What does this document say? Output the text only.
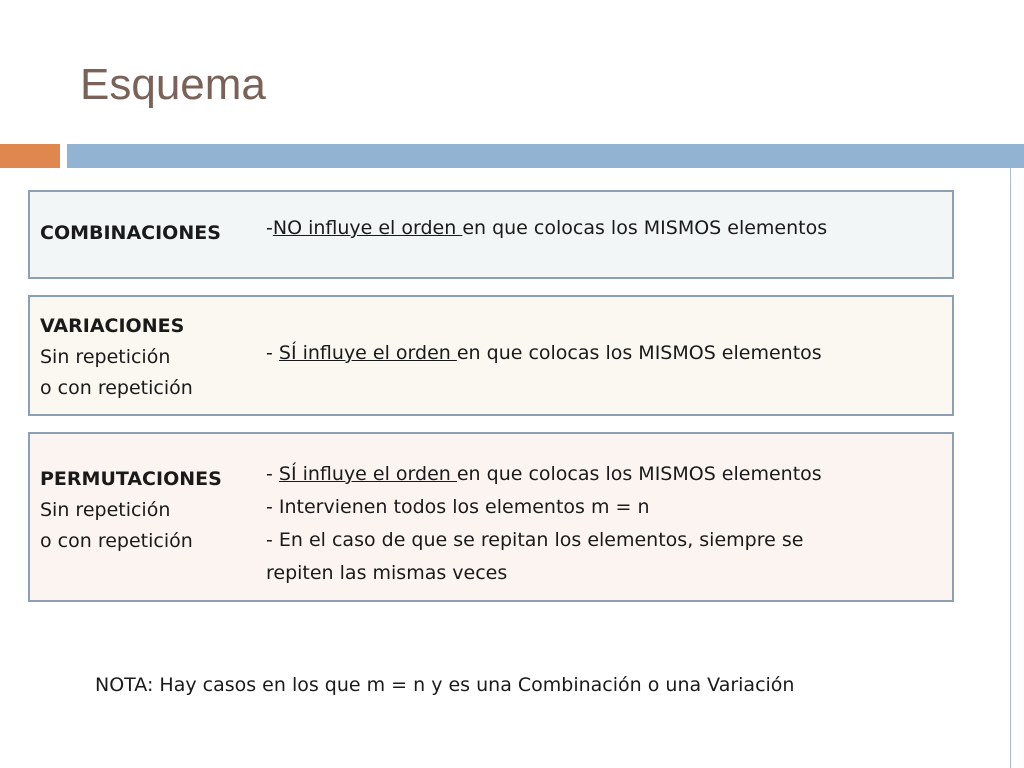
Esquema
COMBINACIONES -NO influye el orden en que colocas los MISMOS elementos
VARIACIONES
Sin repetición
o con repetición
- SÍ influye el orden en que colocas los MISMOS elementos
PERMUTACIONES
Sin repetición
o con repetición
- SÍ influye el orden en que colocas los MISMOS elementos
- Intervienen todos los elementos m = n
- En el caso de que se repitan los elementos, siempre se
repiten las mismas veces
NOTA: Hay casos en los que m = n y es una Combinación o una Variación
